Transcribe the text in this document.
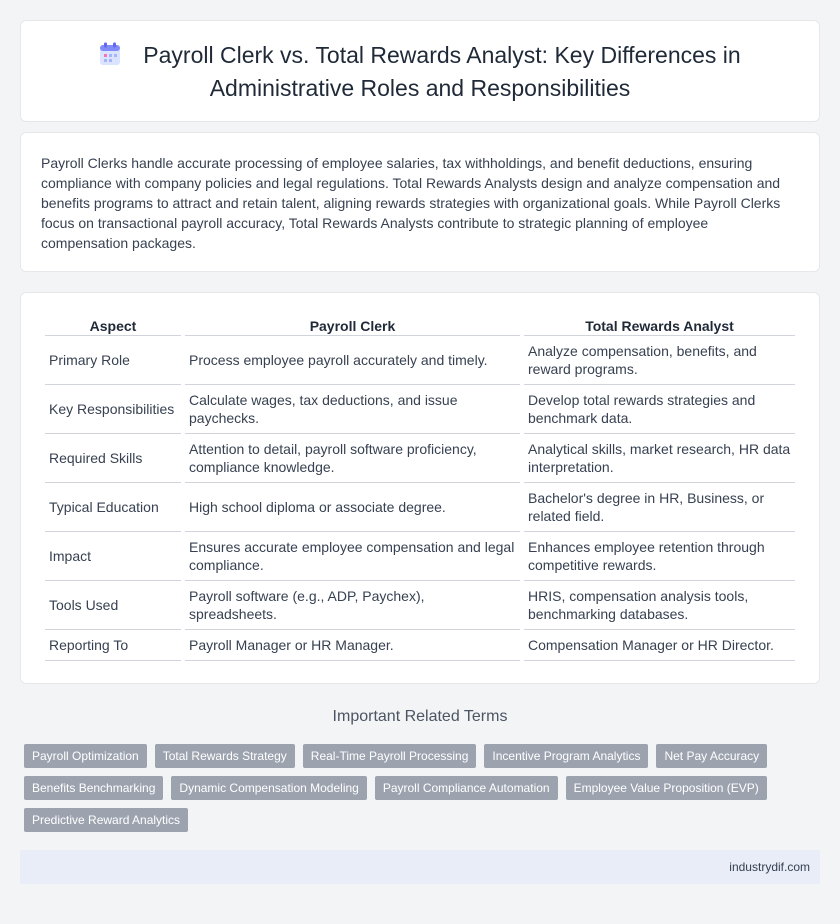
Payroll Clerk vs. Total Rewards Analyst: Key Differences in Administrative Roles and Responsibilities
Payroll Clerks handle accurate processing of employee salaries, tax withholdings, and benefit deductions, ensuring compliance with company policies and legal regulations. Total Rewards Analysts design and analyze compensation and benefits programs to attract and retain talent, aligning rewards strategies with organizational goals. While Payroll Clerks focus on transactional payroll accuracy, Total Rewards Analysts contribute to strategic planning of employee compensation packages.
Aspect	Payroll Clerk	Total Rewards Analyst
Primary Role	Process employee payroll accurately and timely.	Analyze compensation, benefits, and reward programs.
Key Responsibilities	Calculate wages, tax deductions, and issue paychecks.	Develop total rewards strategies and benchmark data.
Required Skills	Attention to detail, payroll software proficiency, compliance knowledge.	Analytical skills, market research, HR data interpretation.
Typical Education	High school diploma or associate degree.	Bachelor's degree in HR, Business, or related field.
Impact	Ensures accurate employee compensation and legal compliance.	Enhances employee retention through competitive rewards.
Tools Used	Payroll software (e.g., ADP, Paychex), spreadsheets.	HRIS, compensation analysis tools, benchmarking databases.
Reporting To	Payroll Manager or HR Manager.	Compensation Manager or HR Director.
Important Related Terms
Payroll Optimization	Total Rewards Strategy	Real-Time Payroll Processing	Incentive Program Analytics	Net Pay Accuracy
Benefits Benchmarking	Dynamic Compensation Modeling	Payroll Compliance Automation	Employee Value Proposition (EVP)
Predictive Reward Analytics
industrydif.com
